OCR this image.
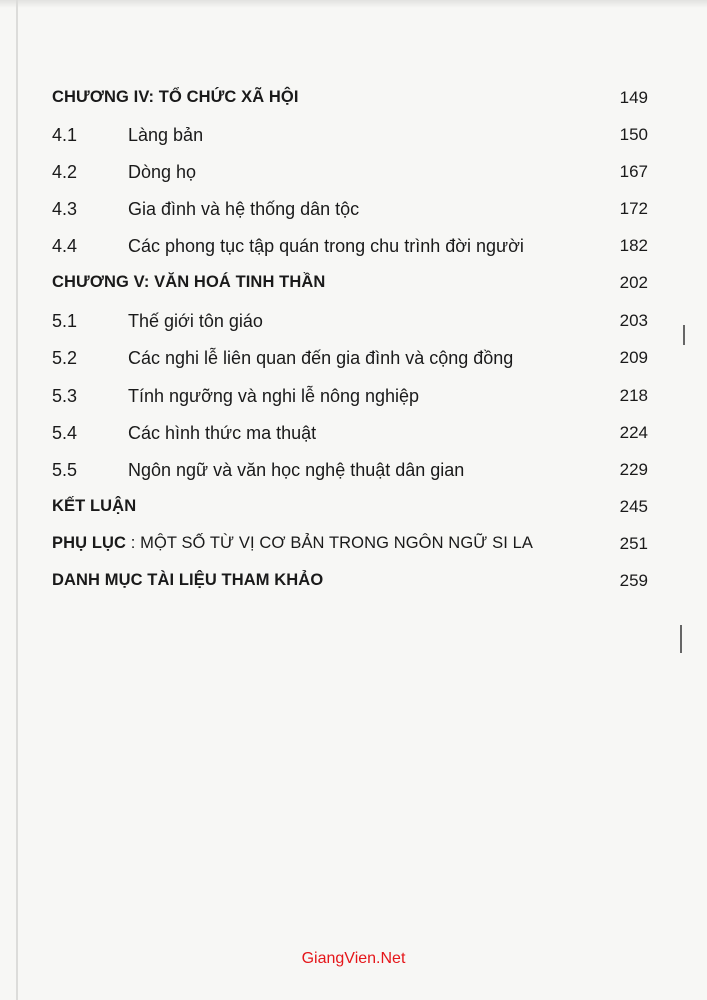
CHƯƠNG IV: TỔ CHỨC XÃ HỘI	149
4.1	Làng bản	150
4.2	Dòng họ	167
4.3	Gia đình và hệ thống dân tộc	172
4.4	Các phong tục tập quán trong chu trình đời người	182
CHƯƠNG V: VĂN HOÁ TINH THẦN	202
5.1	Thế giới tôn giáo	203
5.2	Các nghi lễ liên quan đến gia đình và cộng đồng	209
5.3	Tính ngưỡng và nghi lễ nông nghiệp	218
5.4	Các hình thức ma thuật	224
5.5	Ngôn ngữ và văn học nghệ thuật dân gian	229
KẾT LUẬN	245
PHỤ LỤC : MỘT SỐ TỪ VỊ CƠ BẢN TRONG NGÔN NGỮ SI LA	251
DANH MỤC TÀI LIỆU THAM KHẢO	259
GiangVien.Net
